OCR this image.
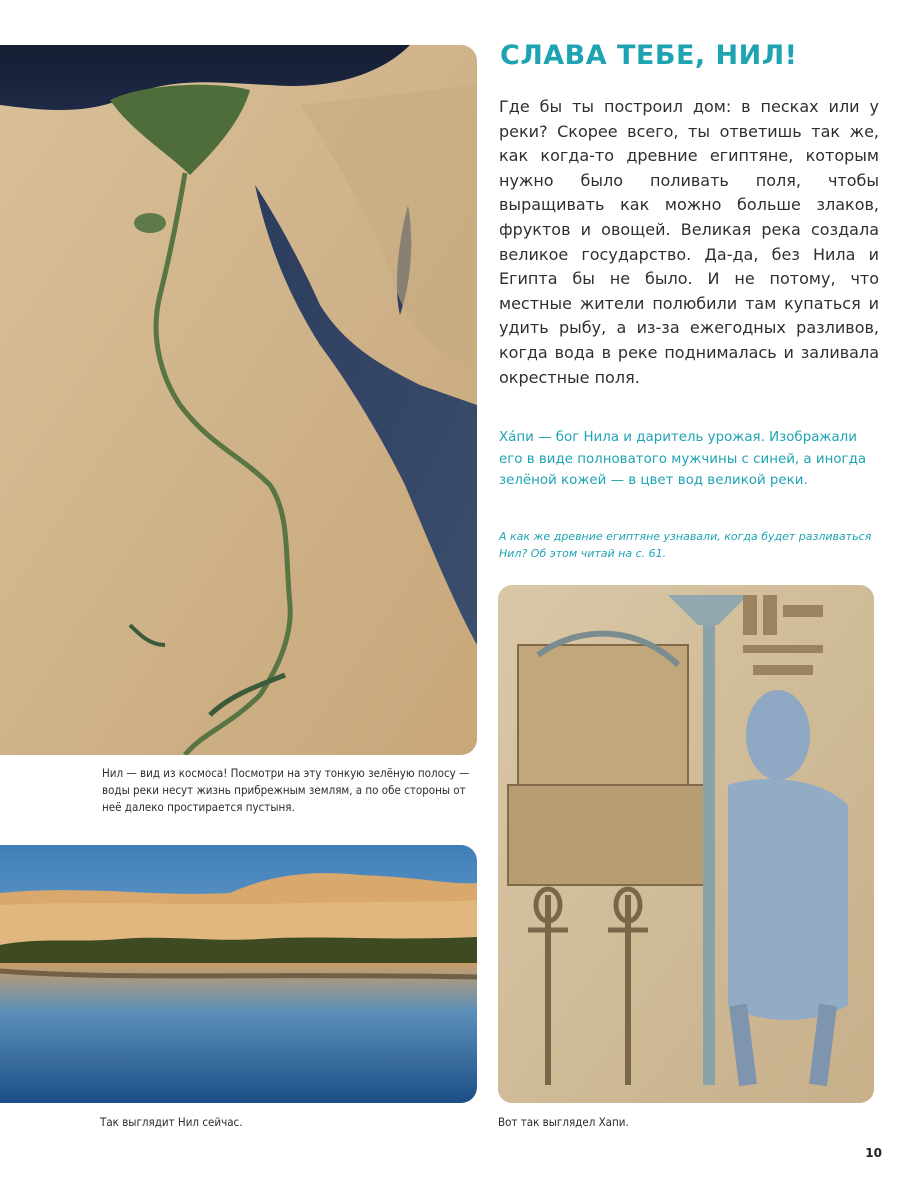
Нил — вид из космоса! Посмотри на эту тонкую зелёную полосу — воды реки несут жизнь прибрежным землям, а по обе стороны от неё далеко простирается пустыня.
Так выглядит Нил сейчас.
СЛАВА ТЕБЕ, НИЛ!
Где бы ты построил дом: в песках или у реки? Скорее всего, ты ответишь так же, как когда-то древние египтяне, которым нужно было поливать поля, чтобы выращивать как можно больше злаков, фруктов и овощей. Великая река создала великое государство. Да-да, без Нила и Египта бы не было. И не потому, что местные жители полюбили там купаться и удить рыбу, а из-за ежегодных разливов, когда вода в реке поднималась и заливала окрестные поля.
Ха́пи — бог Нила и даритель урожая. Изображали его в виде полноватого мужчины с синей, а иногда зелёной кожей — в цвет вод великой реки.
А как же древние египтяне узнавали, когда будет разливаться Нил? Об этом читай на с. 61.
Вот так выглядел Хапи.
10
